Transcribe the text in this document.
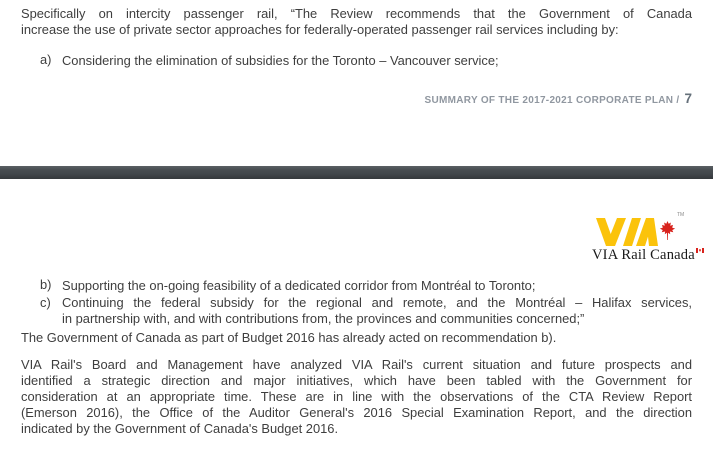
Specifically on intercity passenger rail, “The Review recommends that the Government of Canada
increase the use of private sector approaches for federally-operated passenger rail services including by:
a) Considering the elimination of subsidies for the Toronto – Vancouver service;
SUMMARY OF THE 2017-2021 CORPORATE PLAN / 7
TM
VIA Rail Canada
b) Supporting the on-going feasibility of a dedicated corridor from Montréal to Toronto;
c) Continuing the federal subsidy for the regional and remote, and the Montréal – Halifax services,
in partnership with, and with contributions from, the provinces and communities concerned;”
The Government of Canada as part of Budget 2016 has already acted on recommendation b).
VIA Rail's Board and Management have analyzed VIA Rail's current situation and future prospects and
identified a strategic direction and major initiatives, which have been tabled with the Government for
consideration at an appropriate time. These are in line with the observations of the CTA Review Report
(Emerson 2016), the Office of the Auditor General's 2016 Special Examination Report, and the direction
indicated by the Government of Canada's Budget 2016.
